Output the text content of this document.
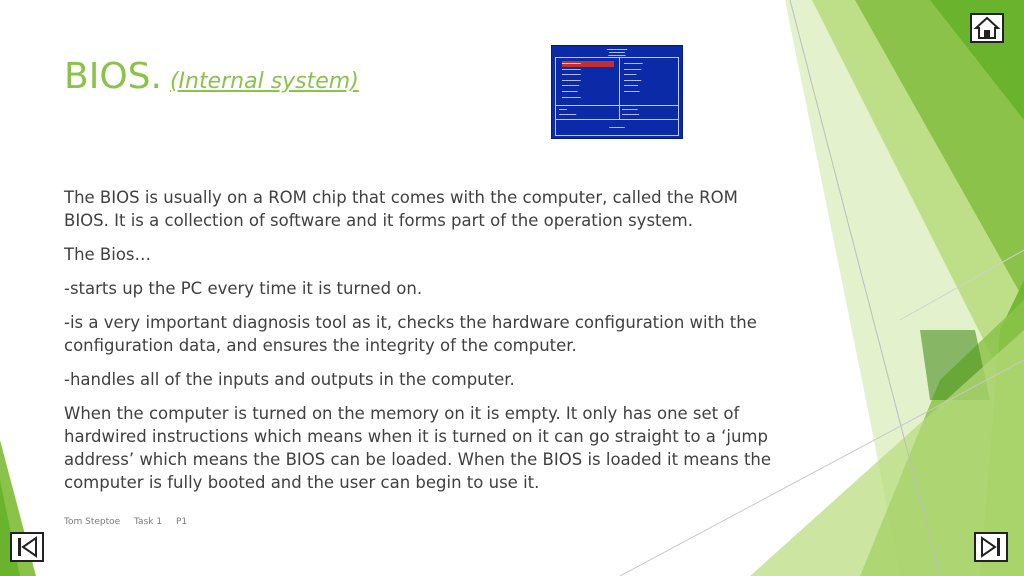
BIOS. (Internal system)
▬▬▬▬▬▬▬▬▬▬▬▬▬
▬▬▬▬▬▬▬▬▬▬
▬▬▬▬▬▬▬▬▬▬▬
▬▬▬▬▬▬▬▬▬▬▬▬
▬▬▬▬▬▬▬▬▬▬▬▬
▬▬▬▬▬▬▬▬▬▬▬▬
▬▬▬▬▬▬▬▬▬▬▬▬
▬▬▬▬▬▬▬▬▬▬▬
▬▬▬▬▬▬▬▬▬▬
▬▬▬▬▬▬▬▬▬▬▬▬
▬▬▬▬▬▬▬▬▬▬▬▬
▬▬▬▬▬▬▬▬▬▬▬
▬▬▬▬▬▬▬▬
▬▬▬▬▬▬▬▬▬▬▬
▬▬▬▬▬▬▬▬▬
▬▬▬▬▬▬▬▬▬▬
▬▬▬▬▬
▬▬▬▬▬▬▬▬▬▬▬
▬▬▬▬▬▬▬▬▬▬
▬▬▬▬▬▬▬▬▬▬▬
▬▬▬▬▬▬▬▬▬▬

The BIOS is usually on a ROM chip that comes with the computer, called the ROM BIOS. It is a collection of software and it forms part of the operation system.

The Bios…

-starts up the PC every time it is turned on.

-is a very important diagnosis tool as it, checks the hardware configuration with the configuration data, and ensures the integrity of the computer.

-handles all of the inputs and outputs in the computer.

When the computer is turned on the memory on it is empty. It only has one set of hardwired instructions which means when it is turned on it can go straight to a ‘jump address’ which means the BIOS can be loaded. When the BIOS is loaded it means the computer is fully booted and the user can begin to use it.

Tom Steptoe Task 1 P1
